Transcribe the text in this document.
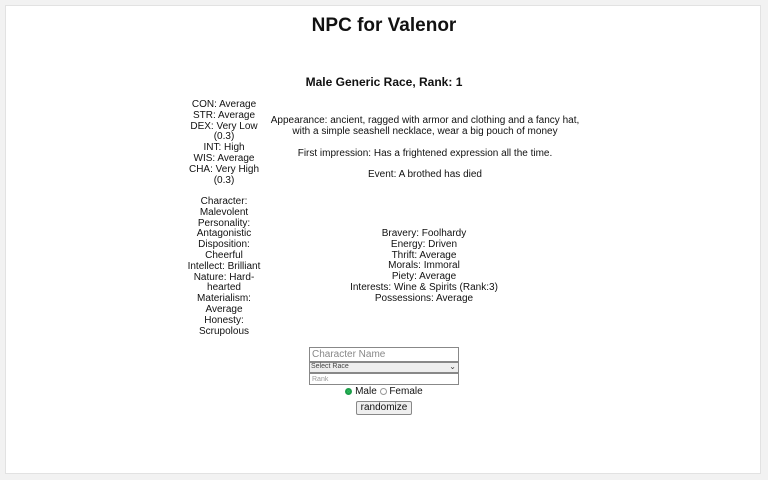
NPC for Valenor
Male Generic Race, Rank: 1
CON: Average
STR: Average
DEX: Very Low (0.3)
INT: High
WIS: Average
CHA: Very High (0.3)
Character: Malevolent
Personality: Antagonistic
Disposition: Cheerful
Intellect: Brilliant
Nature: Hard-hearted
Materialism: Average
Honesty: Scrupolous
Appearance: ancient, ragged with armor and clothing and a fancy hat, with a simple seashell necklace, wear a big pouch of money
First impression: Has a frightened expression all the time.
Event: A brothed has died
Bravery: Foolhardy
Energy: Driven
Thrift: Average
Morals: Immoral
Piety: Average
Interests: Wine & Spirits (Rank:3)
Possessions: Average
Character Name
Select Race	⌄
Rank
Male Female
randomize
